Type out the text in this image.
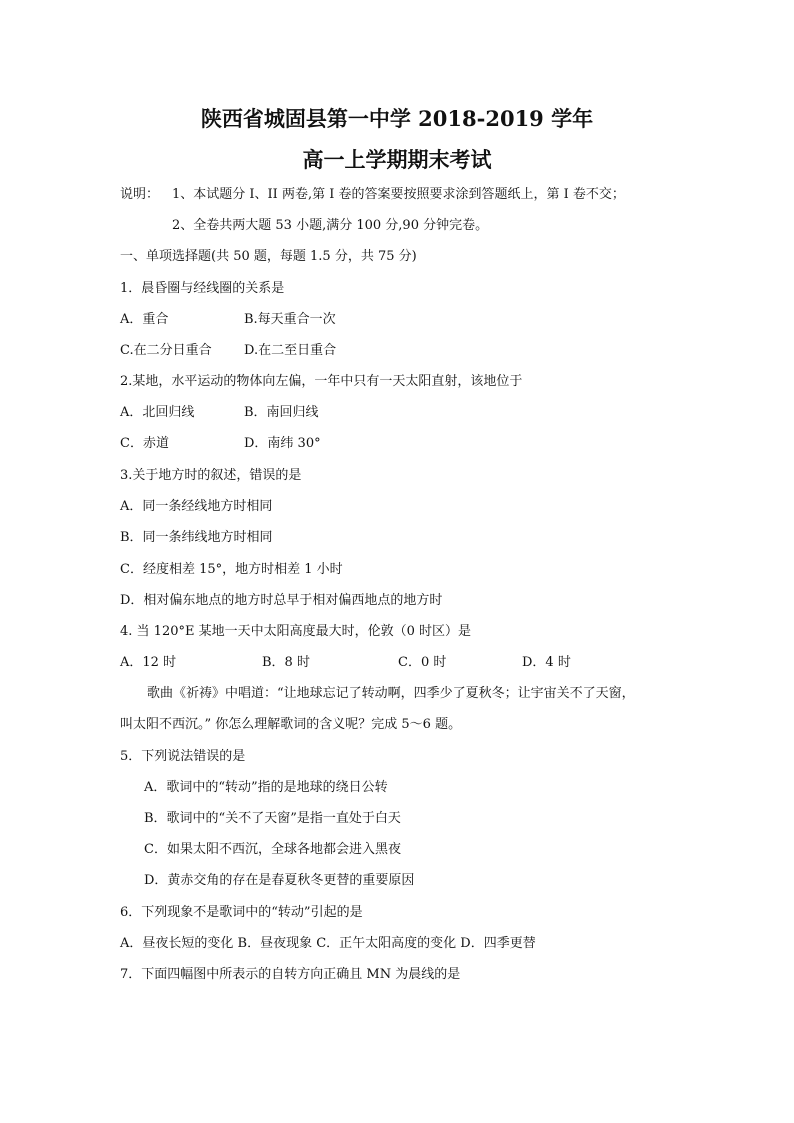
陕西省城固县第一中学 2018-2019 学年
高一上学期期末考试
说明： 1、本试题分 I、II 两卷,第 I 卷的答案要按照要求涂到答题纸上，第 I 卷不交；
2、全卷共两大题 53 小题,满分 100 分,90 分钟完卷。
一、单项选择题(共 50 题，每题 1.5 分，共 75 分)
1．晨昏圈与经线圈的关系是
A．重合	B.每天重合一次
C.在二分日重合 D.在二至日重合
2.某地，水平运动的物体向左偏，一年中只有一天太阳直射，该地位于
A．北回归线	B．南回归线
C．赤道	D．南纬 30°
3.关于地方时的叙述，错误的是
A．同一条经线地方时相同
B．同一条纬线地方时相同
C．经度相差 15°，地方时相差 1 小时
D．相对偏东地点的地方时总早于相对偏西地点的地方时
4. 当 120°E 某地一天中太阳高度最大时，伦敦（0 时区）是
A．12 时	B．8 时	C．0 时	D．4 时
歌曲《祈祷》中唱道：“让地球忘记了转动啊，四季少了夏秋冬；让宇宙关不了天窗，
叫太阳不西沉。” 你怎么理解歌词的含义呢？完成 5～6 题。
5．下列说法错误的是
A．歌词中的“转动”指的是地球的绕日公转
B．歌词中的“关不了天窗”是指一直处于白天
C．如果太阳不西沉，全球各地都会进入黑夜
D．黄赤交角的存在是春夏秋冬更替的重要原因
6．下列现象不是歌词中的“转动”引起的是
A．昼夜长短的变化 B．昼夜现象 C．正午太阳高度的变化 D．四季更替
7．下面四幅图中所表示的自转方向正确且 MN 为晨线的是
